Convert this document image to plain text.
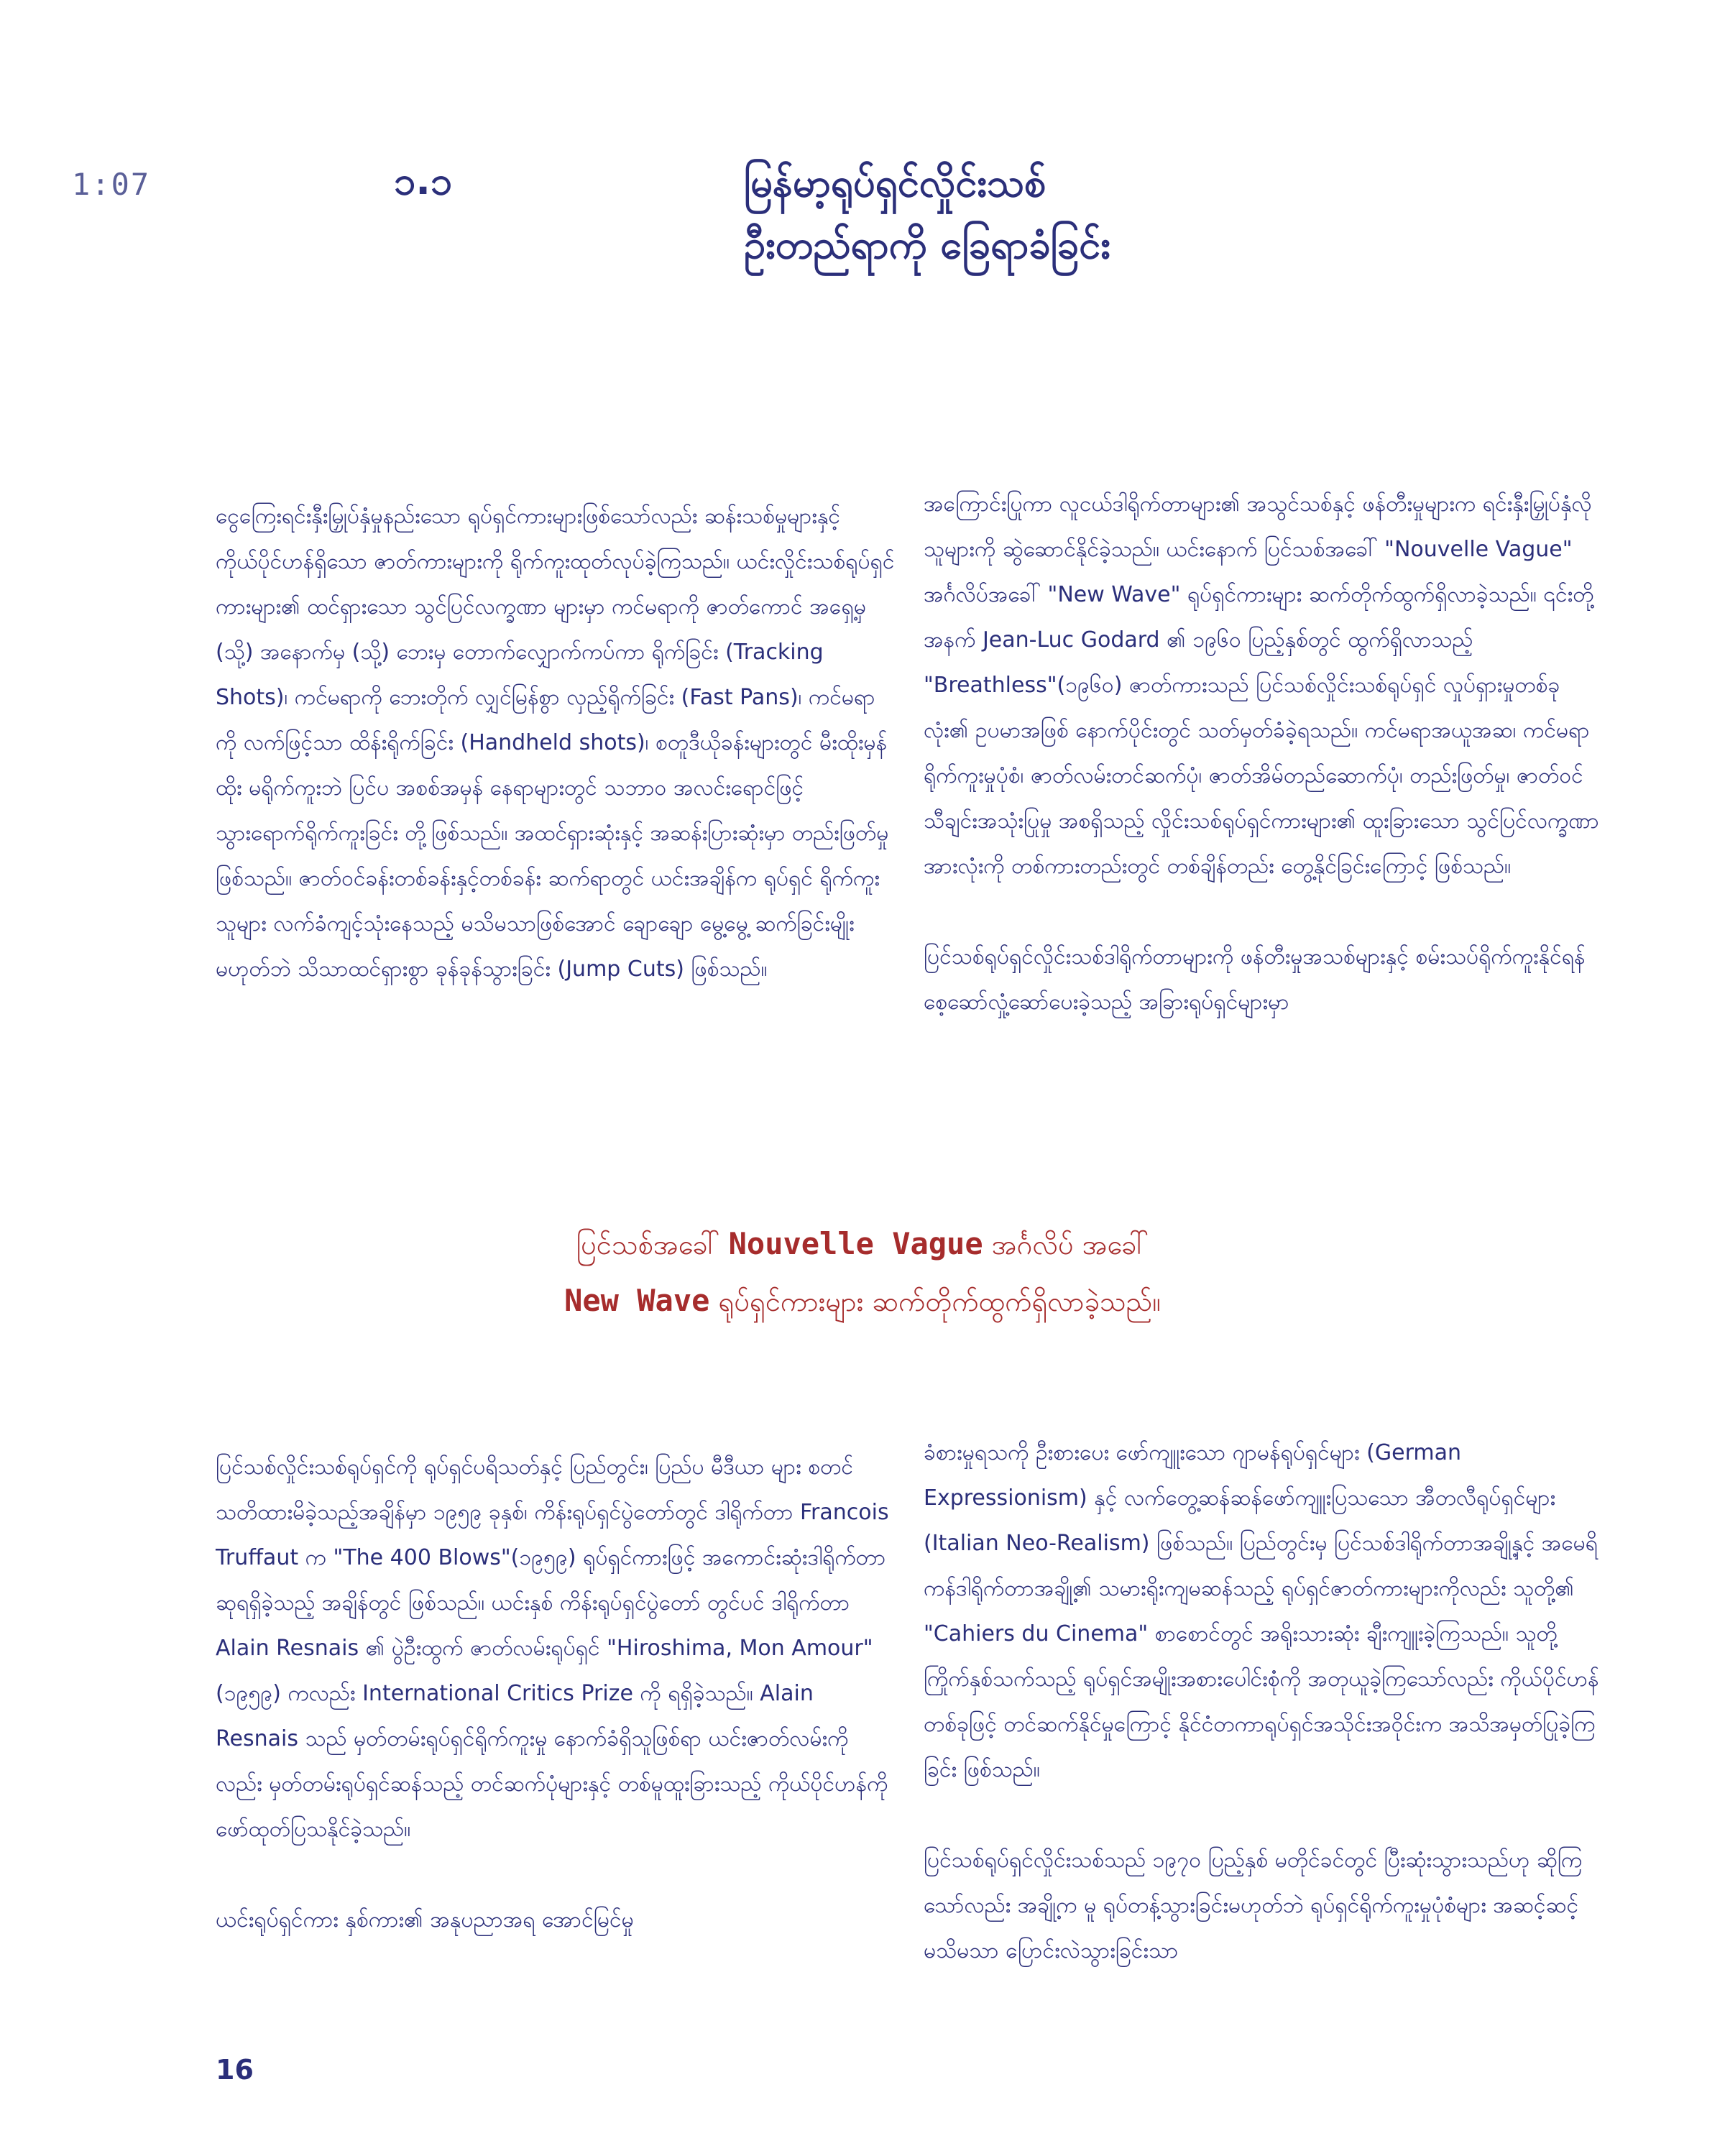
1:07	၁.၁	မြန်မာ့ရုပ်ရှင်လှိုင်းသစ်
ဦးတည်ရာကို ခြေရာခံခြင်း

ငွေကြေးရင်းနှီးမြှုပ်နှံမှုနည်းသော ရုပ်ရှင်ကားများဖြစ်သော်လည်း ဆန်းသစ်မှုများနှင့် ကိုယ်ပိုင်ဟန်ရှိသော ဇာတ်ကားများကို ရိုက်ကူးထုတ်လုပ်ခဲ့ကြသည်။ ယင်းလှိုင်းသစ်ရုပ်ရှင်ကားများ၏ ထင်ရှားသော သွင်ပြင်လက္ခဏာ များမှာ ကင်မရာကို ဇာတ်ကောင် အရှေ့မှ (သို့) အနောက်မှ (သို့) ဘေးမှ တောက်လျှောက်ကပ်ကာ ရိုက်ခြင်း (Tracking Shots)၊ ကင်မရာကို ဘေးတိုက် လျှင်မြန်စွာ လှည့်ရိုက်ခြင်း (Fast Pans)၊ ကင်မရာကို လက်ဖြင့်သာ ထိန်းရိုက်ခြင်း (Handheld shots)၊ စတူဒီယိုခန်းများတွင် မီးထိုးမှန်ထိုး မရိုက်ကူးဘဲ ပြင်ပ အစစ်အမှန် နေရာများတွင် သဘာဝ အလင်းရောင်ဖြင့် သွားရောက်ရိုက်ကူးခြင်း တို့ဖြစ်သည်။ အထင်ရှားဆုံးနှင့် အဆန်းပြားဆုံးမှာ တည်းဖြတ်မှုဖြစ်သည်။ ဇာတ်ဝင်ခန်းတစ်ခန်းနှင့်တစ်ခန်း ဆက်ရာတွင် ယင်းအချိန်က ရုပ်ရှင် ရိုက်ကူးသူများ လက်ခံကျင့်သုံးနေသည့် မသိမသာဖြစ်အောင် ချောချော မွေ့မွေ့ ဆက်ခြင်းမျိုး မဟုတ်ဘဲ သိသာထင်ရှားစွာ ခုန်ခုန်သွားခြင်း (Jump Cuts) ဖြစ်သည်။

အကြောင်းပြုကာ လူငယ်ဒါရိုက်တာများ၏ အသွင်သစ်နှင့် ဖန်တီးမှုများက ရင်းနှီးမြှုပ်နှံလိုသူများကို ဆွဲဆောင်နိုင်ခဲ့သည်။ ယင်းနောက် ပြင်သစ်အခေါ် "Nouvelle Vague" အင်္ဂလိပ်အခေါ် "New Wave" ရုပ်ရှင်ကားများ ဆက်တိုက်ထွက်ရှိလာခဲ့သည်။ ၎င်းတို့အနက် Jean-Luc Godard ၏ ၁၉၆၀ ပြည့်နှစ်တွင် ထွက်ရှိလာသည့် "Breathless"(၁၉၆၀) ဇာတ်ကားသည် ပြင်သစ်လှိုင်းသစ်ရုပ်ရှင် လှုပ်ရှားမှုတစ်ခုလုံး၏ ဥပမာအဖြစ် နောက်ပိုင်းတွင် သတ်မှတ်ခံခဲ့ရသည်။ ကင်မရာအယူအဆ၊ ကင်မရာ ရိုက်ကူးမှုပုံစံ၊ ဇာတ်လမ်းတင်ဆက်ပုံ၊ ဇာတ်အိမ်တည်ဆောက်ပုံ၊ တည်းဖြတ်မှု၊ ဇာတ်ဝင်သီချင်းအသုံးပြုမှု အစရှိသည့် လှိုင်းသစ်ရုပ်ရှင်ကားများ၏ ထူးခြားသော သွင်ပြင်လက္ခဏာအားလုံးကို တစ်ကားတည်းတွင် တစ်ချိန်တည်း တွေ့နိုင်ခြင်းကြောင့် ဖြစ်သည်။

ပြင်သစ်ရုပ်ရှင်လှိုင်းသစ်ဒါရိုက်တာများကို ဖန်တီးမှုအသစ်များနှင့် စမ်းသပ်ရိုက်ကူးနိုင်ရန် စေ့ဆော်လှုံ့ဆော်ပေးခဲ့သည့် အခြားရုပ်ရှင်များမှာ

ပြင်သစ်အခေါ် Nouvelle Vague အင်္ဂလိပ် အခေါ်
New Wave ရုပ်ရှင်ကားများ ဆက်တိုက်ထွက်ရှိလာခဲ့သည်။

ပြင်သစ်လှိုင်းသစ်ရုပ်ရှင်ကို ရုပ်ရှင်ပရိသတ်နှင့် ပြည်တွင်း၊ ပြည်ပ မီဒီယာ များ စတင် သတိထားမိခဲ့သည့်အချိန်မှာ ၁၉၅၉ ခုနှစ်၊ ကိန်းရုပ်ရှင်ပွဲတော်တွင် ဒါရိုက်တာ Francois Truffaut က "The 400 Blows"(၁၉၅၉) ရုပ်ရှင်ကားဖြင့် အကောင်းဆုံးဒါရိုက်တာဆုရရှိခဲ့သည့် အချိန်တွင် ဖြစ်သည်။ ယင်းနှစ် ကိန်းရုပ်ရှင်ပွဲတော် တွင်ပင် ဒါရိုက်တာ Alain Resnais ၏ ပွဲဦးထွက် ဇာတ်လမ်းရုပ်ရှင် "Hiroshima, Mon Amour"(၁၉၅၉) ကလည်း International Critics Prize ကို ရရှိခဲ့သည်။ Alain Resnais သည် မှတ်တမ်းရုပ်ရှင်ရိုက်ကူးမှု နောက်ခံရှိသူဖြစ်ရာ ယင်းဇာတ်လမ်းကိုလည်း မှတ်တမ်းရုပ်ရှင်ဆန်သည့် တင်ဆက်ပုံများနှင့် တစ်မူထူးခြားသည့် ကိုယ်ပိုင်ဟန်ကို ဖော်ထုတ်ပြသနိုင်ခဲ့သည်။

ယင်းရုပ်ရှင်ကား နှစ်ကား၏ အနုပညာအရ အောင်မြင်မှု

ခံစားမှုရသကို ဦးစားပေး ဖော်ကျူးသော ဂျာမန်ရုပ်ရှင်များ (German Expressionism) နှင့် လက်တွေ့ဆန်ဆန်ဖော်ကျူးပြသသော အီတလီရုပ်ရှင်များ (Italian Neo-Realism) ဖြစ်သည်။ ပြည်တွင်းမှ ပြင်သစ်ဒါရိုက်တာအချို့နှင့် အမေရိကန်ဒါရိုက်တာအချို့၏ သမားရိုးကျမဆန်သည့် ရုပ်ရှင်ဇာတ်ကားများကိုလည်း သူတို့၏ "Cahiers du Cinema" စာစောင်တွင် အရိုးသားဆုံး ချီးကျူးခဲ့ကြသည်။ သူတို့ကြိုက်နှစ်သက်သည့် ရုပ်ရှင်အမျိုးအစားပေါင်းစုံကို အတုယူခဲ့ကြသော်လည်း ကိုယ်ပိုင်ဟန်တစ်ခုဖြင့် တင်ဆက်နိုင်မှုကြောင့် နိုင်ငံတကာရုပ်ရှင်အသိုင်းအဝိုင်းက အသိအမှတ်ပြုခဲ့ကြခြင်း ဖြစ်သည်။

ပြင်သစ်ရုပ်ရှင်လှိုင်းသစ်သည် ၁၉၇၀ ပြည့်နှစ် မတိုင်ခင်တွင် ပြီးဆုံးသွားသည်ဟု ဆိုကြသော်လည်း အချို့က မူ ရုပ်တန့်သွားခြင်းမဟုတ်ဘဲ ရုပ်ရှင်ရိုက်ကူးမှုပုံစံများ အဆင့်ဆင့် မသိမသာ ပြောင်းလဲသွားခြင်းသာ

16
